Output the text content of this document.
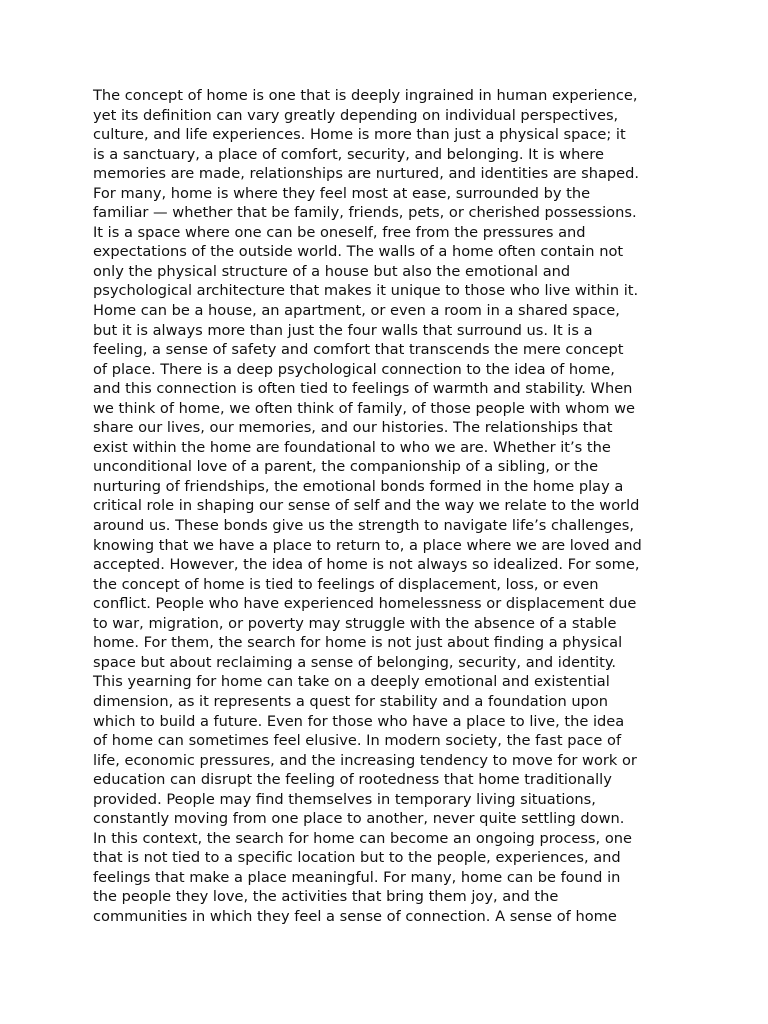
The concept of home is one that is deeply ingrained in human experience,
yet its definition can vary greatly depending on individual perspectives,
culture, and life experiences. Home is more than just a physical space; it
is a sanctuary, a place of comfort, security, and belonging. It is where
memories are made, relationships are nurtured, and identities are shaped.
For many, home is where they feel most at ease, surrounded by the
familiar — whether that be family, friends, pets, or cherished possessions.
It is a space where one can be oneself, free from the pressures and
expectations of the outside world. The walls of a home often contain not
only the physical structure of a house but also the emotional and
psychological architecture that makes it unique to those who live within it.
Home can be a house, an apartment, or even a room in a shared space,
but it is always more than just the four walls that surround us. It is a
feeling, a sense of safety and comfort that transcends the mere concept
of place. There is a deep psychological connection to the idea of home,
and this connection is often tied to feelings of warmth and stability. When
we think of home, we often think of family, of those people with whom we
share our lives, our memories, and our histories. The relationships that
exist within the home are foundational to who we are. Whether it’s the
unconditional love of a parent, the companionship of a sibling, or the
nurturing of friendships, the emotional bonds formed in the home play a
critical role in shaping our sense of self and the way we relate to the world
around us. These bonds give us the strength to navigate life’s challenges,
knowing that we have a place to return to, a place where we are loved and
accepted. However, the idea of home is not always so idealized. For some,
the concept of home is tied to feelings of displacement, loss, or even
conflict. People who have experienced homelessness or displacement due
to war, migration, or poverty may struggle with the absence of a stable
home. For them, the search for home is not just about finding a physical
space but about reclaiming a sense of belonging, security, and identity.
This yearning for home can take on a deeply emotional and existential
dimension, as it represents a quest for stability and a foundation upon
which to build a future. Even for those who have a place to live, the idea
of home can sometimes feel elusive. In modern society, the fast pace of
life, economic pressures, and the increasing tendency to move for work or
education can disrupt the feeling of rootedness that home traditionally
provided. People may find themselves in temporary living situations,
constantly moving from one place to another, never quite settling down.
In this context, the search for home can become an ongoing process, one
that is not tied to a specific location but to the people, experiences, and
feelings that make a place meaningful. For many, home can be found in
the people they love, the activities that bring them joy, and the
communities in which they feel a sense of connection. A sense of home
